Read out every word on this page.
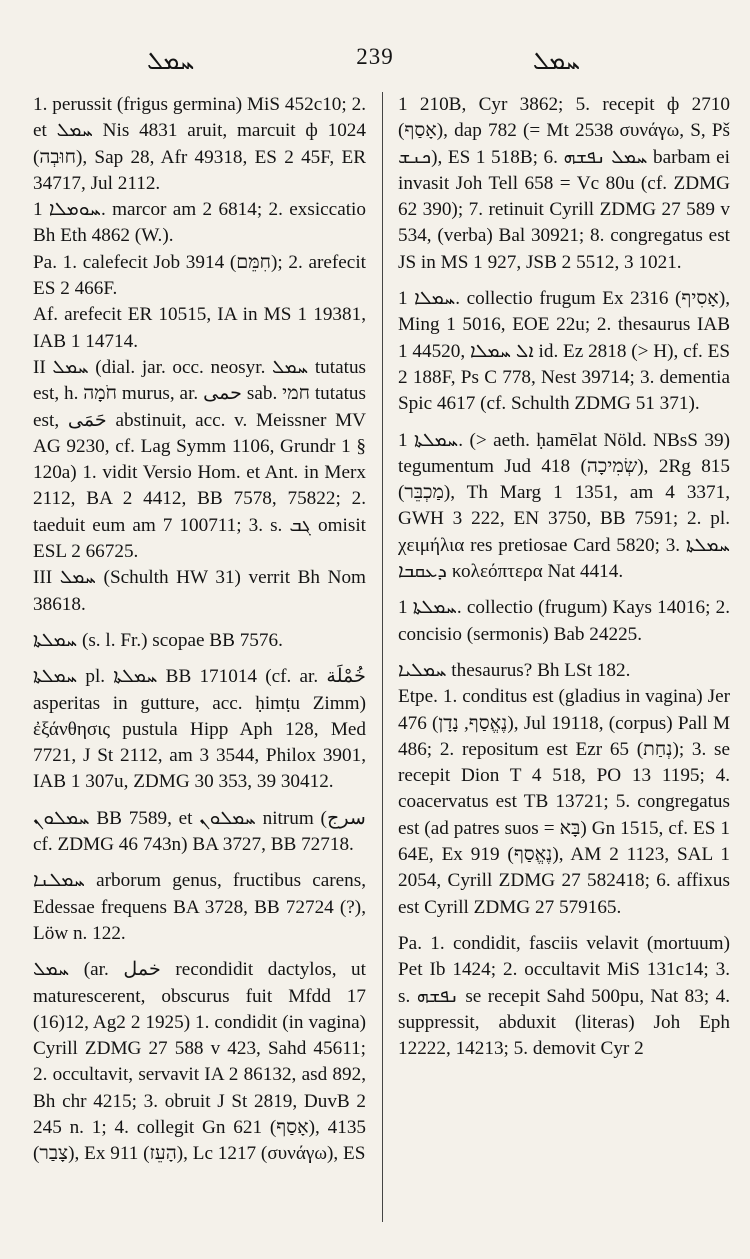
ܚܡܠ	239	ܚܡܠ

1. perussit (frigus germina) MiS 452c10; 2. et ܚܡܠ Nis 4831 aruit, marcuit ф 1024 (חוּבְה), Sap 28, Afr 49318, ES 2 45F, ER 34717, Jul 2112.

ܚܘܡܠܐ 1. marcor am 2 6814; 2. exsiccatio Bh Eth 4862 (W.).

Pa. 1. calefecit Job 3914 (חִמֵּם); 2. arefecit ES 2 466F.

Af. arefecit ER 10515, IA in MS 1 19381, IAB 1 14714.

II ܚܡܠ (dial. jar. occ. neosyr. ܚܡܠ tutatus est, h. חֹמָה murus, ar. حمى sab. חמי tutatus est, حَمَى abstinuit, acc. v. Meissner MV AG 9230, cf. Lag Symm 1106, Grundr 1 § 120a) 1. vidit Versio Hom. et Ant. in Merx 2112, BA 2 4412, BB 7578, 75822; 2. taeduit eum am 7 100711; 3. s. ܓܒ omisit ESL 2 66725.

III ܚܡܠ (Schulth HW 31) verrit Bh Nom 38618.

ܚܡܠܬܐ (s. l. Fr.) scopae BB 7576.

ܚܡܠܬܐ pl. ܚܡܠܬܐ BB 171014 (cf. ar. خُمْلَة asperitas in gutture, acc. ḥimṭu Zimm) ἐξάνθησις pustula Hipp Aph 128, Med 7721, J St 2112, am 3 3544, Philox 3901, IAB 1 307u, ZDMG 30 353, 39 30412.

ܚܡܠܘܢ BB 7589, et ܚܡܠܘܢ nitrum (سرج cf. ZDMG 46 743n) BA 3727, BB 72718.

ܚܡܠܢܐ arborum genus, fructibus carens, Edessae frequens BA 3728, BB 72724 (?), Löw n. 122.

ܚܡܠ (ar. خمل recondidit dactylos, ut maturescerent, obscurus fuit Mfdd 17 (16)12, Ag2 2 1925) 1. condidit (in vagina) Cyrill ZDMG 27 588 v 423, Sahd 45611; 2. occultavit, servavit IA 2 86132, asd 892, Bh chr 4215; 3. obruit J St 2819, DuvB 2 245 n. 1; 4. collegit Gn 621 (אָסַף), 4135 (צָבַר), Ex 911 (הָעֵז), Lc 1217 (συνάγω), ES

1 210B, Cyr 3862; 5. recepit ф 2710 (אָסַף), dap 782 (= Mt 2538 συνάγω, S, Pš ܟܢܫ), ES 1 518B; 6. ܚܡܠ ܢܦܫܗ barbam ei invasit Joh Tell 658 = Vc 80u (cf. ZDMG 62 390); 7. retinuit Cyrill ZDMG 27 589 v 534, (verba) Bal 30921; 8. congregatus est JS in MS 1 927, JSB 2 5512, 3 1021.

ܚܡܠܐ 1. collectio frugum Ex 2316 (אָסִיף), Ming 1 5016, EOE 22u; 2. thesaurus IAB 1 44520, ܐܠ ܚܡܠܐ id. Ez 2818 (> H), cf. ES 2 188F, Ps C 778, Nest 39714; 3. dementia Spic 4617 (cf. Schulth ZDMG 51 371).

ܚܡܠܬܐ 1. (> aeth. ḥamēlat Nöld. NBsS 39) tegumentum Jud 418 (שְׂמִיכָה), 2Rg 815 (מַכְבֵּר), Th Marg 1 1351, am 4 3371, GWH 3 222, EN 3750, BB 7591; 2. pl. χειμήλια res pretiosae Card 5820; 3. ܚܡܠܬܐ ܕܥܩܒܐ κολεόπτερα Nat 4414.

ܚܡܠܬܐ 1. collectio (frugum) Kays 14016; 2. concisio (sermonis) Bab 24225.

ܚܡܠܝܐ thesaurus? Bh LSt 182.

Etpe. 1. conditus est (gladius in vagina) Jer 476 (נֶאֱסַף, נָדָן), Jul 19118, (corpus) Pall M 486; 2. repositum est Ezr 65 (נְחַת); 3. se recepit Dion T 4 518, PO 13 1195; 4. coacervatus est TB 13721; 5. congregatus est (ad patres suos = בָּא) Gn 1515, cf. ES 1 64E, Ex 919 (נֶאֱסַף), AM 2 1123, SAL 1 2054, Cyrill ZDMG 27 582418; 6. affixus est Cyrill ZDMG 27 579165.

Pa. 1. condidit, fasciis velavit (mortuum) Pet Ib 1424; 2. occultavit MiS 131c14; 3. s. ܢܦܫܗ se recepit Sahd 500pu, Nat 83; 4. suppressit, abduxit (literas) Joh Eph 12222, 14213; 5. demovit Cyr 2
